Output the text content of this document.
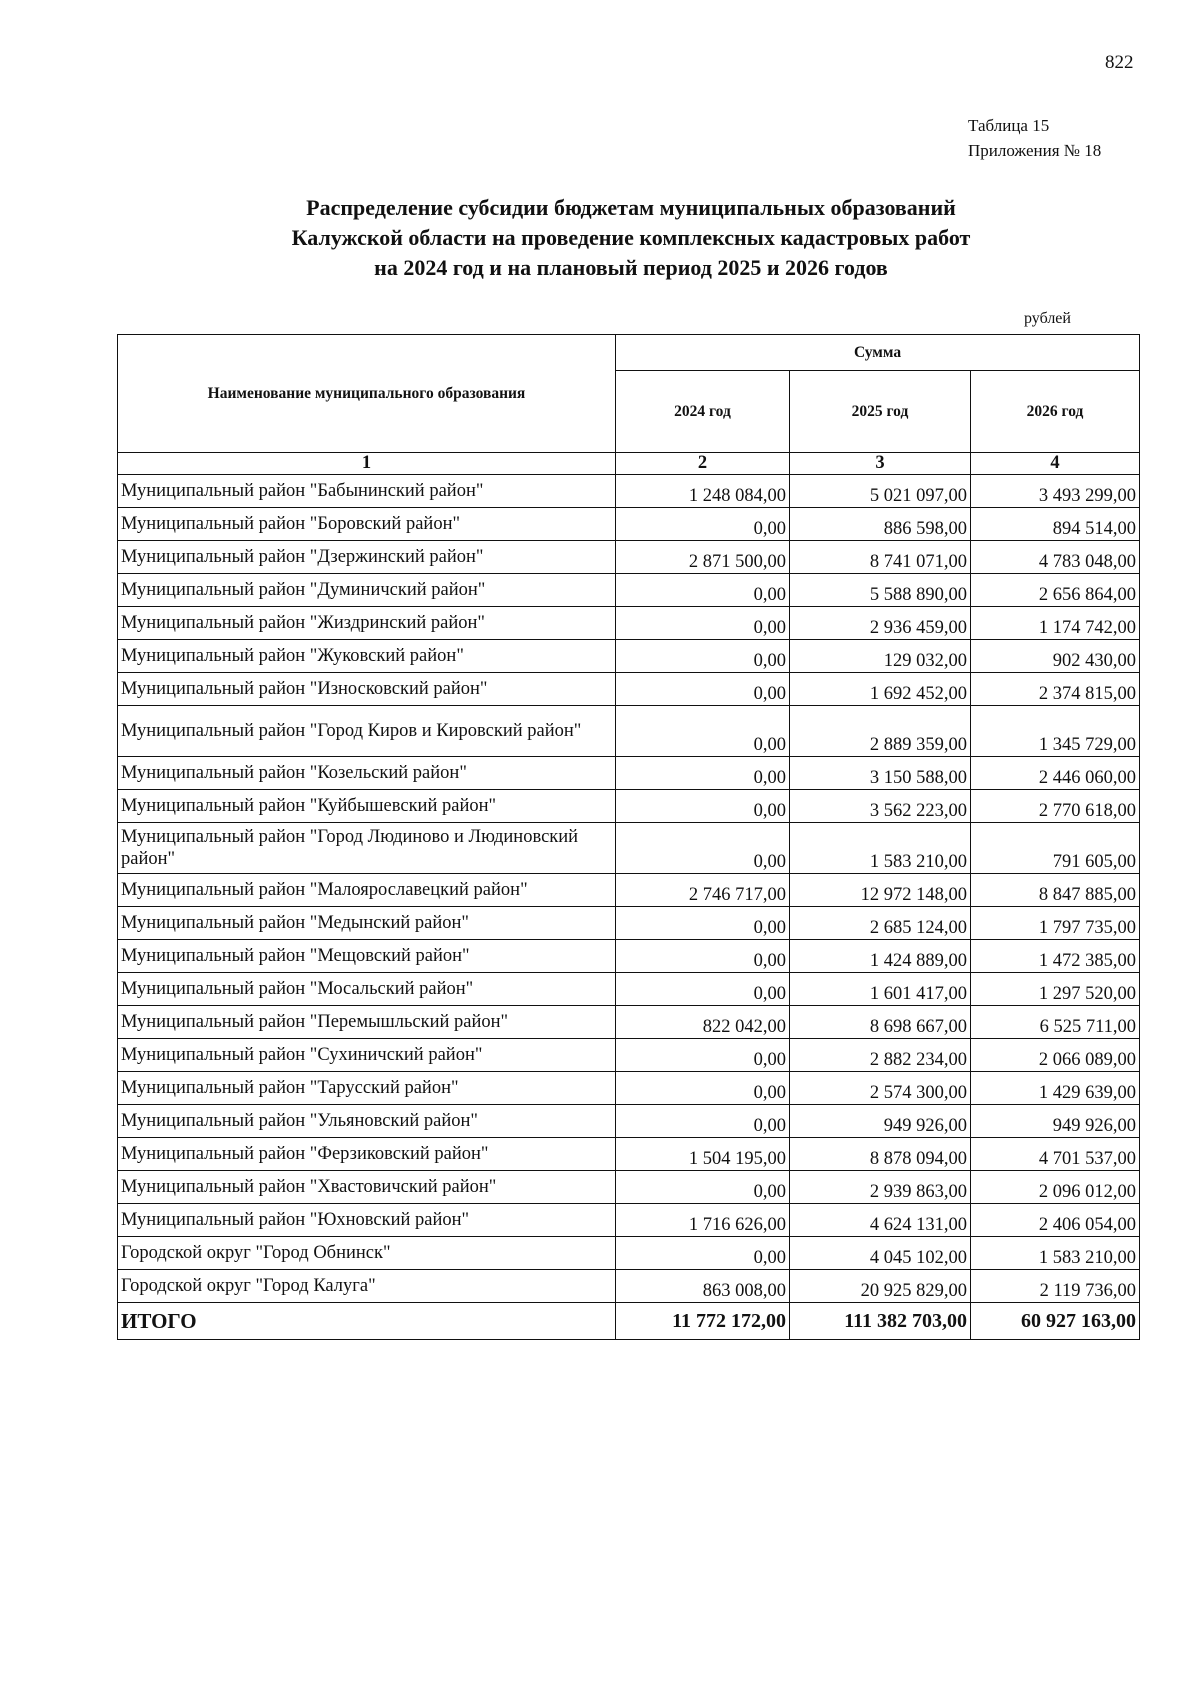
822
Таблица 15
Приложения № 18
Распределение субсидии бюджетам муниципальных образований
Калужской области на проведение комплексных кадастровых работ
на 2024 год и на плановый период 2025 и 2026 годов
рублей
Наименование муниципального образования	Сумма		
	2024 год	2025 год	2026 год
1	2	3	4
Муниципальный район "Бабынинский район"	1 248 084,00	5 021 097,00	3 493 299,00
Муниципальный район "Боровский район"	0,00	886 598,00	894 514,00
Муниципальный район "Дзержинский район"	2 871 500,00	8 741 071,00	4 783 048,00
Муниципальный район "Думиничский район"	0,00	5 588 890,00	2 656 864,00
Муниципальный район "Жиздринский район"	0,00	2 936 459,00	1 174 742,00
Муниципальный район "Жуковский район"	0,00	129 032,00	902 430,00
Муниципальный район "Износковский район"	0,00	1 692 452,00	2 374 815,00
Муниципальный район "Город Киров и Кировский район"	0,00	2 889 359,00	1 345 729,00
Муниципальный район "Козельский район"	0,00	3 150 588,00	2 446 060,00
Муниципальный район "Куйбышевский район"	0,00	3 562 223,00	2 770 618,00
Муниципальный район "Город Людиново и Людиновский район"	0,00	1 583 210,00	791 605,00
Муниципальный район "Малоярославецкий район"	2 746 717,00	12 972 148,00	8 847 885,00
Муниципальный район "Медынский район"	0,00	2 685 124,00	1 797 735,00
Муниципальный район "Мещовский район"	0,00	1 424 889,00	1 472 385,00
Муниципальный район "Мосальский район"	0,00	1 601 417,00	1 297 520,00
Муниципальный район "Перемышльский район"	822 042,00	8 698 667,00	6 525 711,00
Муниципальный район "Сухиничский район"	0,00	2 882 234,00	2 066 089,00
Муниципальный район "Тарусский район"	0,00	2 574 300,00	1 429 639,00
Муниципальный район "Ульяновский район"	0,00	949 926,00	949 926,00
Муниципальный район "Ферзиковский район"	1 504 195,00	8 878 094,00	4 701 537,00
Муниципальный район "Хвастовичский район"	0,00	2 939 863,00	2 096 012,00
Муниципальный район "Юхновский район"	1 716 626,00	4 624 131,00	2 406 054,00
Городской округ "Город Обнинск"	0,00	4 045 102,00	1 583 210,00
Городской округ "Город Калуга"	863 008,00	20 925 829,00	2 119 736,00
ИТОГО	11 772 172,00	111 382 703,00	60 927 163,00
